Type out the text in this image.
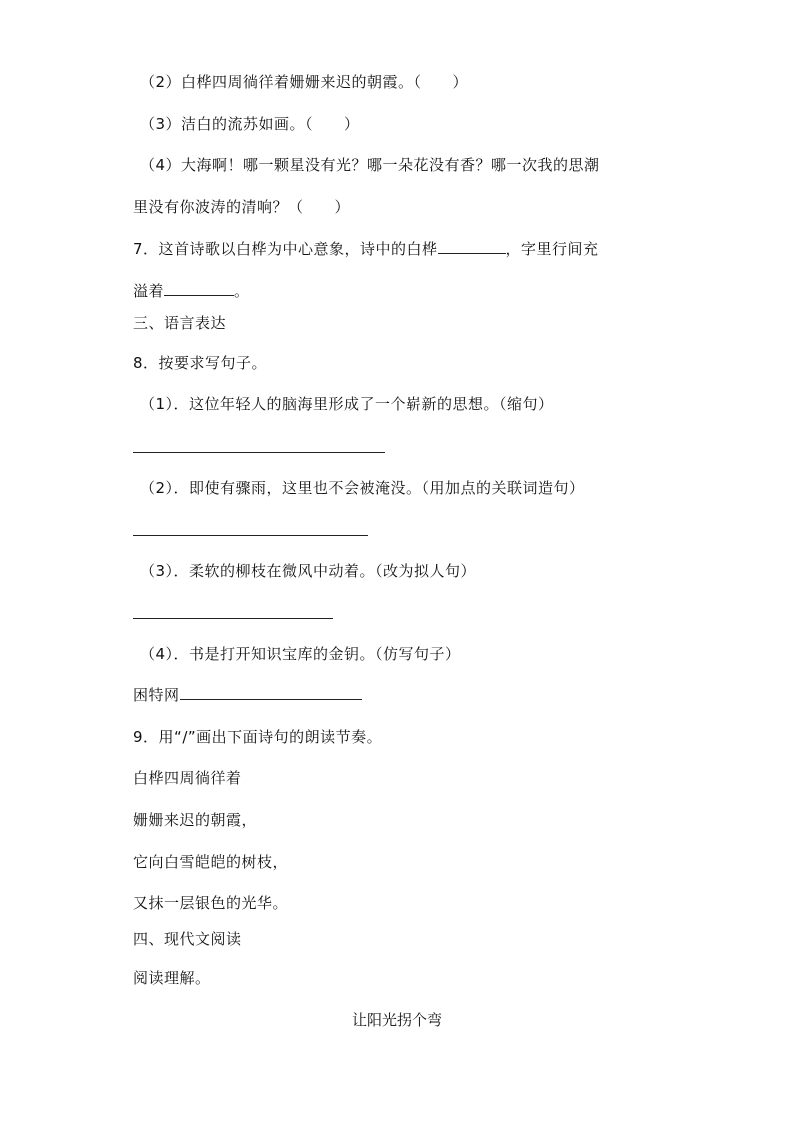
（2）白桦四周徜徉着姗姗来迟的朝霞。（　　）
（3）洁白的流苏如画。（　　）
（4）大海啊！哪一颗星没有光？哪一朵花没有香？哪一次我的思潮
里没有你波涛的清响？（　　）
7．这首诗歌以白桦为中心意象，诗中的白桦	，字里行间充
溢着	。
三、语言表达
8．按要求写句子。
（1）．这位年轻人的脑海里形成了一个崭新的思想。（缩句）
（2）．即使有骤雨，这里也不会被淹没。（用加点的关联词造句）
（3）．柔软的柳枝在微风中动着。（改为拟人句）
（4）．书是打开知识宝库的金钥。（仿写句子）
困特网
9．用“/”画出下面诗句的朗读节奏。
白桦四周徜徉着
姗姗来迟的朝霞，
它向白雪皑皑的树枝，
又抹一层银色的光华。
四、现代文阅读
阅读理解。
让阳光拐个弯
